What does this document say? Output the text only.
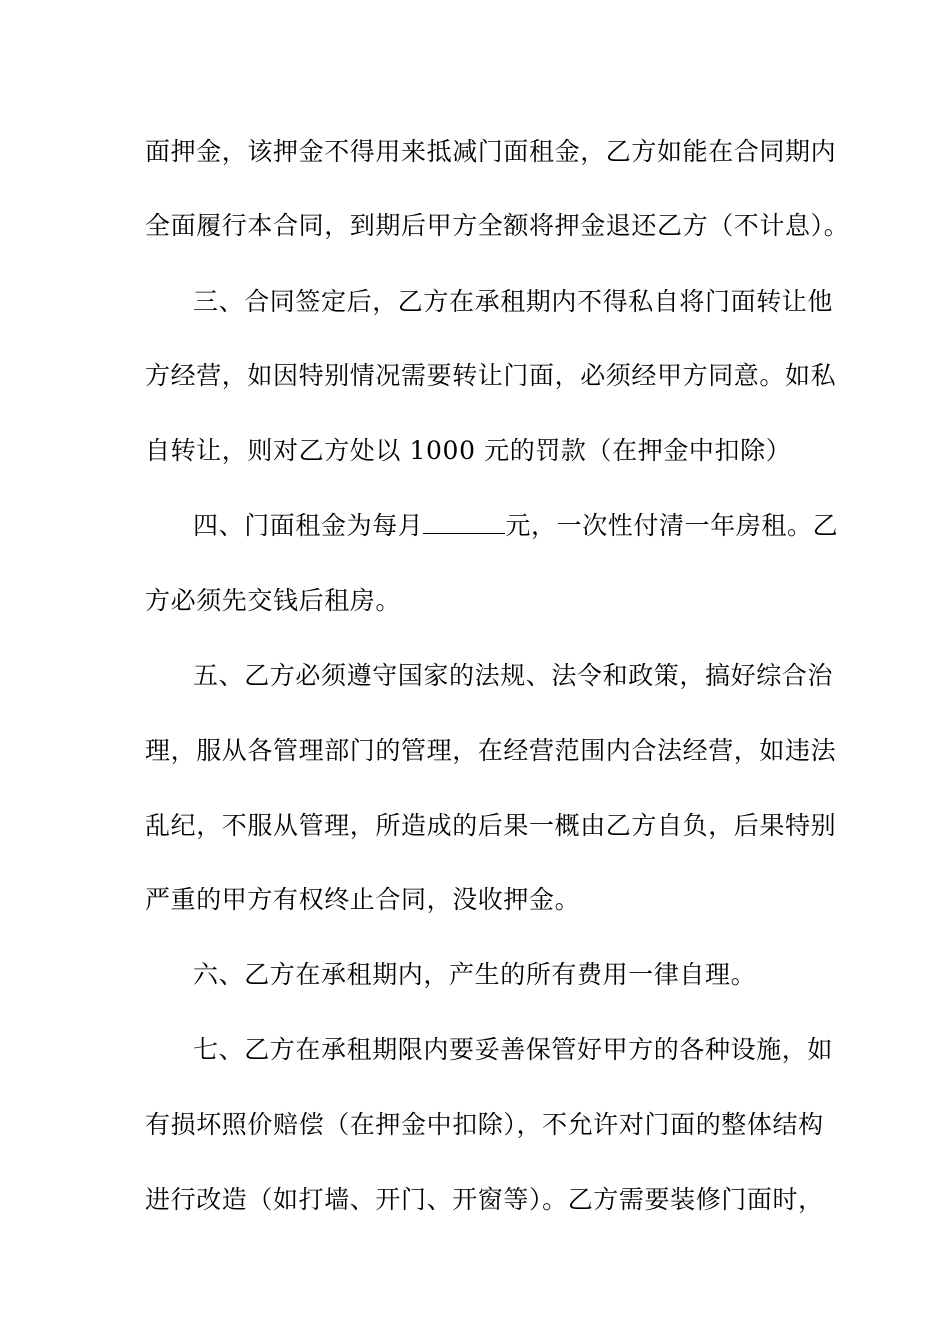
面押金，该押金不得用来抵减门面租金，乙方如能在合同期内
全面履行本合同，到期后甲方全额将押金退还乙方（不计息）。
三、合同签定后，乙方在承租期内不得私自将门面转让他
方经营，如因特别情况需要转让门面，必须经甲方同意。如私
自转让，则对乙方处以 1000 元的罚款（在押金中扣除）
四、门面租金为每月	元，一次性付清一年房租。乙
方必须先交钱后租房。
五、乙方必须遵守国家的法规、法令和政策，搞好综合治
理，服从各管理部门的管理，在经营范围内合法经营，如违法
乱纪，不服从管理，所造成的后果一概由乙方自负，后果特别
严重的甲方有权终止合同，没收押金。
六、乙方在承租期内，产生的所有费用一律自理。
七、乙方在承租期限内要妥善保管好甲方的各种设施，如
有损坏照价赔偿（在押金中扣除），不允许对门面的整体结构
进行改造（如打墙、开门、开窗等）。乙方需要装修门面时，
